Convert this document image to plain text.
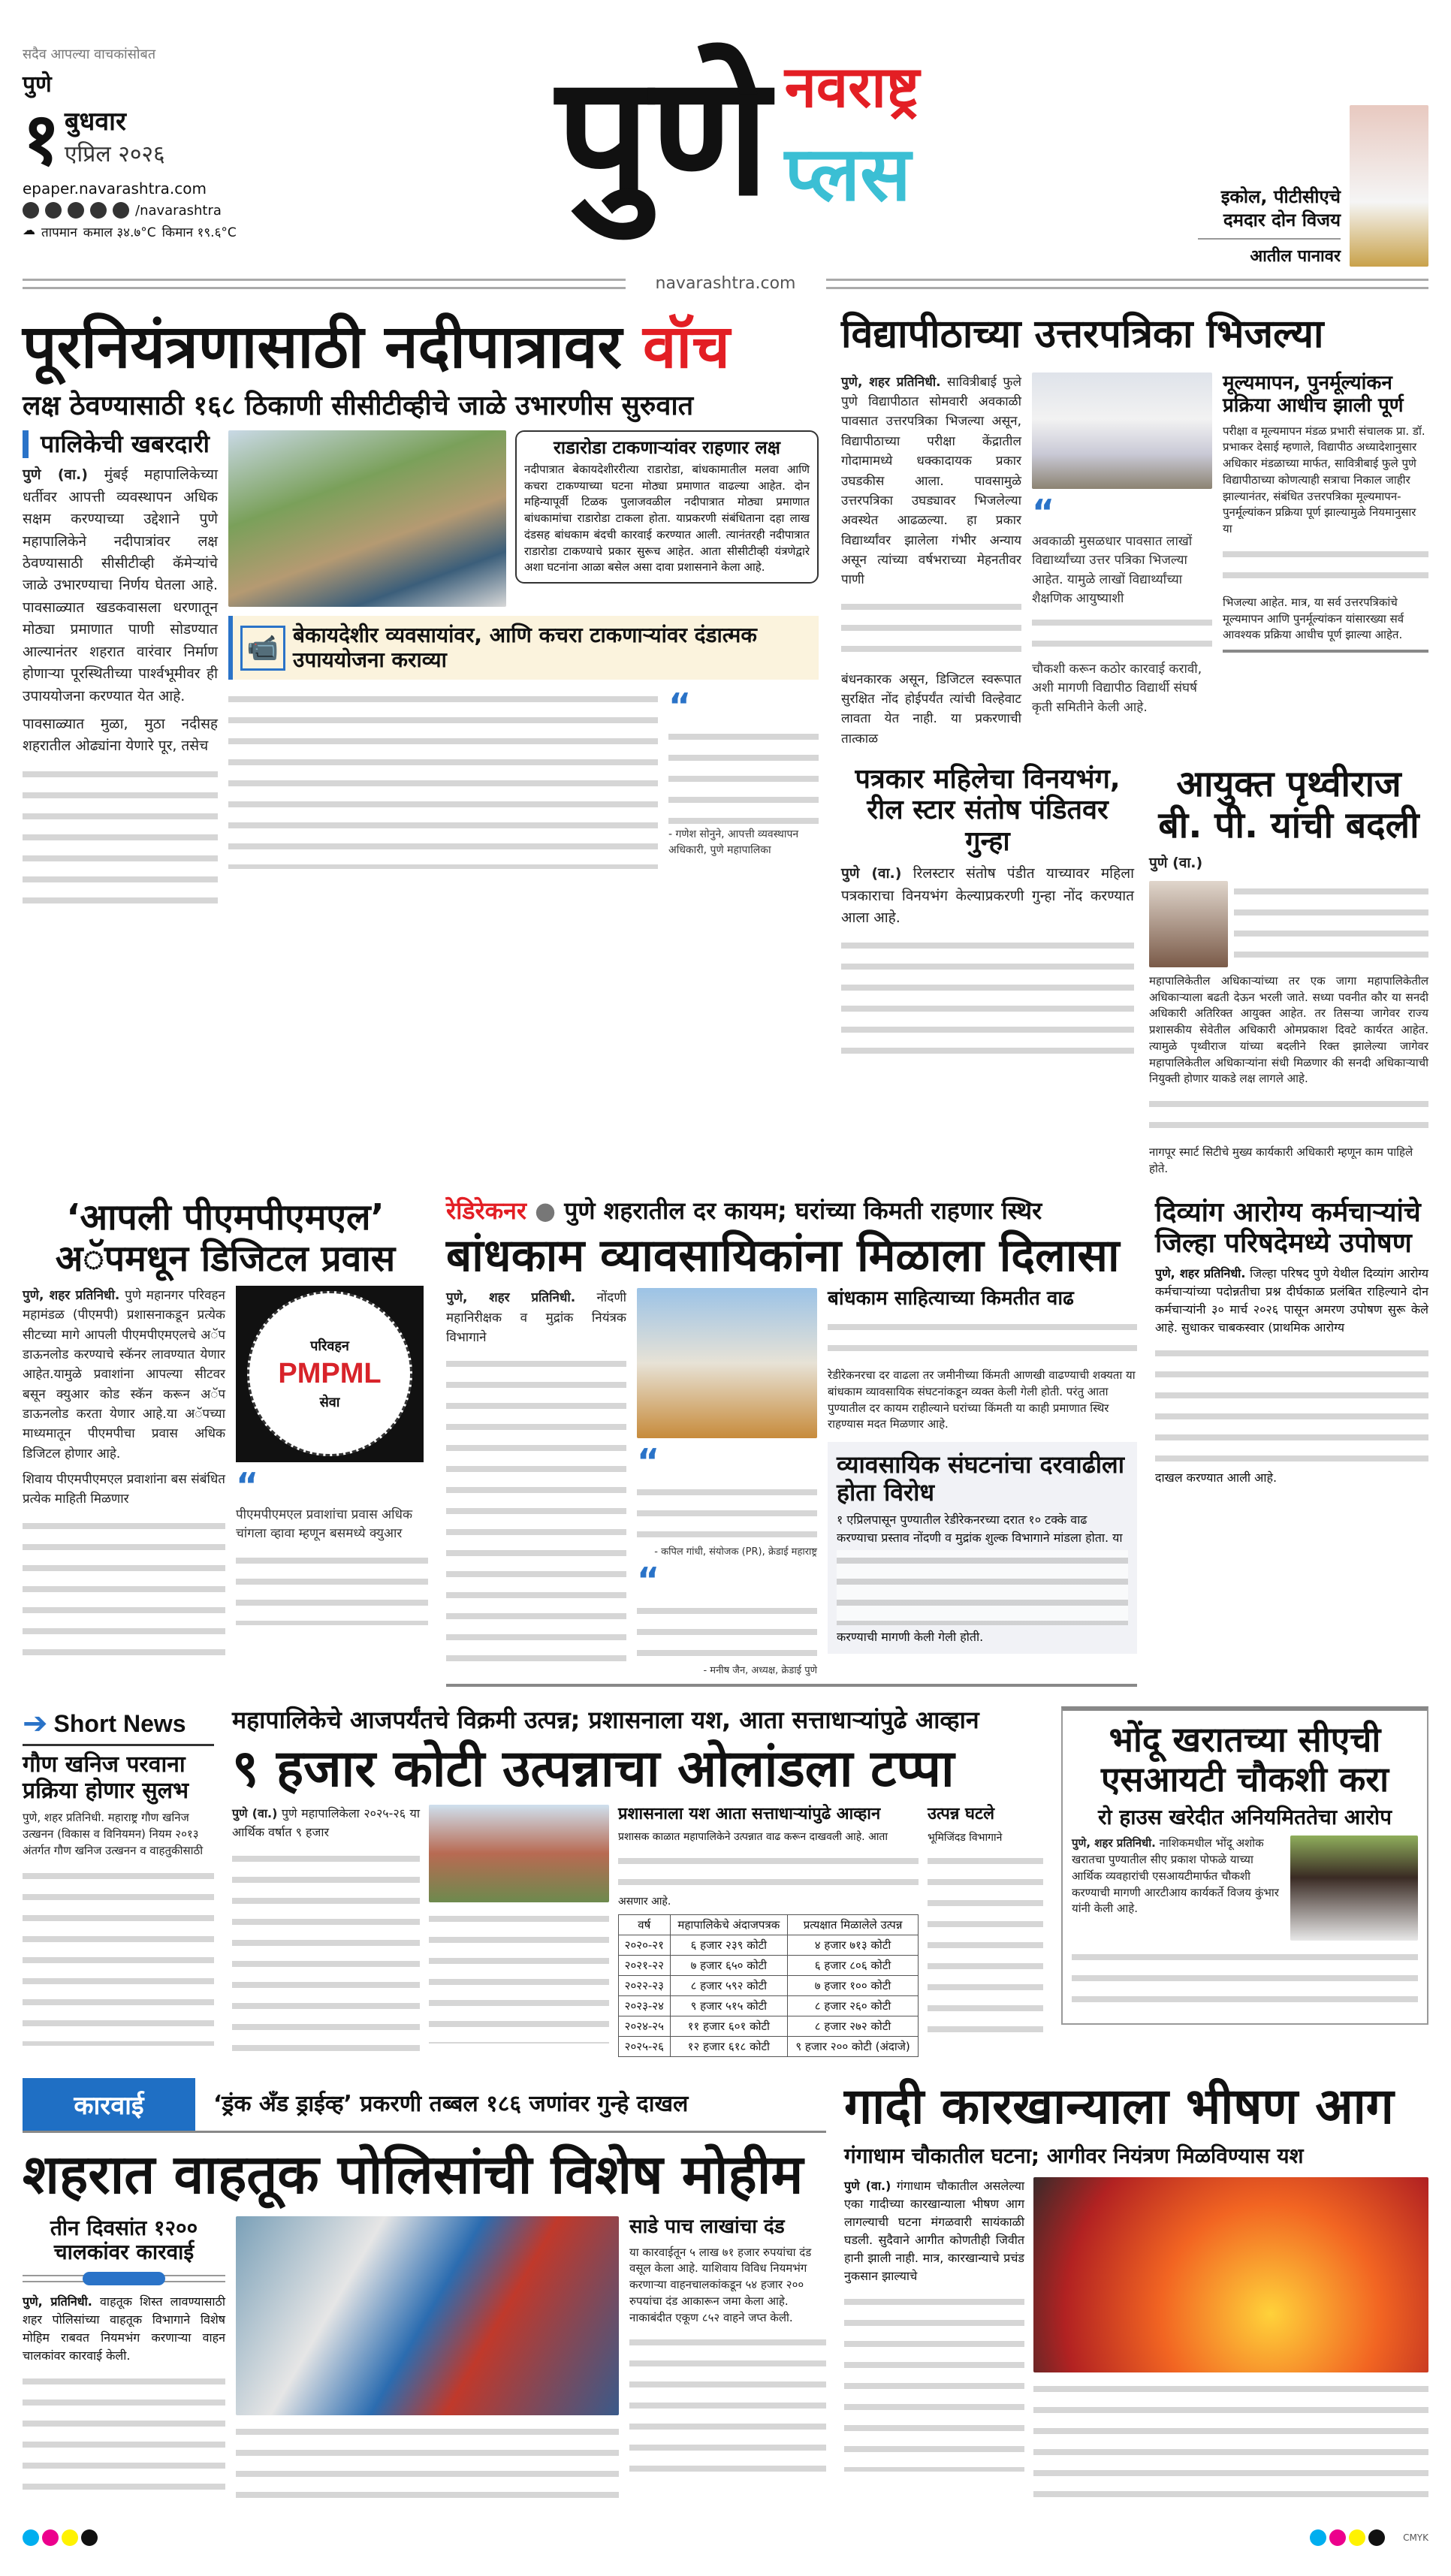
सदैव आपल्या वाचकांसोबत
पुणे
१ बुधवार
एप्रिल २०२६
epaper.navarashtra.com
/navarashtra
☁ तापमान कमाल ३४.७°C किमान १९.६°C
पुणे नवराष्ट्र
प्लस	इकोल, पीटीसीएचे दमदार दोन विजय
आतील पानावर
navarashtra.com
पूरनियंत्रणासाठी नदीपात्रावर वॉच
लक्ष ठेवण्यासाठी १६८ ठिकाणी सीसीटीव्हीचे जाळे उभारणीस सुरुवात
पालिकेची खबरदारी

पुणे (वा.) मुंबई महापालिकेच्या धर्तीवर आपत्ती व्यवस्थापन अधिक सक्षम करण्याच्या उद्देशाने पुणे महापालिकेने नदीपात्रांवर लक्ष ठेवण्यासाठी सीसीटीव्ही कॅमेऱ्यांचे जाळे उभारण्याचा निर्णय घेतला आहे. पावसाळ्यात खडकवासला धरणातून मोठ्या प्रमाणात पाणी सोडण्यात आल्यानंतर शहरात वारंवार निर्माण होणाऱ्या पूरस्थितीच्या पार्श्वभूमीवर ही उपाययोजना करण्यात येत आहे.

पावसाळ्यात मुळा, मुठा नदीसह शहरातील ओढ्यांना येणारे पूर, तसेच

राडारोडा टाकणाऱ्यांवर राहणार लक्ष
नदीपात्रात बेकायदेशीररीत्या राडारोडा, बांधकामातील मलवा आणि कचरा टाकण्याच्या घटना मोठ्या प्रमाणात वाढल्या आहेत. दोन महिन्यापूर्वी टिळक पुलाजवळील नदीपात्रात मोठ्या प्रमाणात बांधकामांचा राडारोडा टाकला होता. याप्रकरणी संबंधिताना दहा लाख दंडसह बांधकाम बंदची कारवाई करण्यात आली. त्यानंतरही नदीपात्रात राडारोडा टाकण्याचे प्रकार सुरूच आहेत. आता सीसीटीव्ही यंत्रणेद्वारे अशा घटनांना आळा बसेल असा दावा प्रशासनाने केला आहे.
📹 बेकायदेशीर व्यवसायांवर, आणि कचरा टाकणाऱ्यांवर दंडात्मक उपाययोजना कराव्या
“
- गणेश सोनुने, आपत्ती व्यवस्थापन अधिकारी, पुणे महापालिका
विद्यापीठाच्या उत्तरपत्रिका भिजल्या

पुणे, शहर प्रतिनिधी. सावित्रीबाई फुले पुणे विद्यापीठात सोमवारी अवकाळी पावसात उत्तरपत्रिका भिजल्या असून, विद्यापीठाच्या परीक्षा केंद्रातील गोदामामध्ये धक्कादायक प्रकार उघडकीस आला. पावसामुळे उत्तरपत्रिका उघड्यावर भिजलेल्या अवस्थेत आढळल्या. हा प्रकार विद्यार्थ्यांवर झालेला गंभीर अन्याय असून त्यांच्या वर्षभराच्या मेहनतीवर पाणी

बंधनकारक असून, डिजिटल स्वरूपात सुरक्षित नोंद होईपर्यंत त्यांची विल्हेवाट लावता येत नाही. या प्रकरणाची तात्काळ

“
अवकाळी मुसळधार पावसात लाखों विद्यार्थ्यांच्या उत्तर पत्रिका भिजल्या आहेत. यामुळे लाखों विद्यार्थ्यांच्या शैक्षणिक आयुष्याशी
चौकशी करून कठोर कारवाई करावी, अशी मागणी विद्यापीठ विद्यार्थी संघर्ष कृती समितीने केली आहे.
मूल्यमापन, पुनर्मूल्यांकन प्रक्रिया आधीच झाली पूर्ण

परीक्षा व मूल्यमापन मंडळ प्रभारी संचालक प्रा. डॉ. प्रभाकर देसाई म्हणाले, विद्यापीठ अध्यादेशानुसार अधिकार मंडळाच्या मार्फत, सावित्रीबाई फुले पुणे विद्यापीठाच्या कोणत्याही सत्राचा निकाल जाहीर झाल्यानंतर, संबंधित उत्तरपत्रिका मूल्यमापन-पुनर्मूल्यांकन प्रक्रिया पूर्ण झाल्यामुळे नियमानुसार या

भिजल्या आहेत. मात्र, या सर्व उत्तरपत्रिकांचे मूल्यमापन आणि पुनर्मूल्यांकन यांसारख्या सर्व आवश्यक प्रक्रिया आधीच पूर्ण झाल्या आहेत.

पत्रकार महिलेचा विनयभंग, रील स्टार संतोष पंडितवर गुन्हा

पुणे (वा.) रिलस्टार संतोष पंडीत याच्यावर महिला पत्रकाराचा विनयभंग केल्याप्रकरणी गुन्हा नोंद करण्यात आला आहे.

आयुक्त पृथ्वीराज बी. पी. यांची बदली

पुणे (वा.)

महापालिकेतील अधिकाऱ्यांच्या तर एक जागा महापालिकेतील अधिकाऱ्याला बढती देऊन भरली जाते. सध्या पवनीत कौर या सनदी अधिकारी अतिरिक्त आयुक्त आहेत. तर तिसऱ्या जागेवर राज्य प्रशासकीय सेवेतील अधिकारी ओमप्रकाश दिवटे कार्यरत आहेत. त्यामुळे पृथ्वीराज यांच्या बदलीने रिक्त झालेल्या जागेवर महापालिकेतील अधिकाऱ्यांना संधी मिळणार की सनदी अधिकाऱ्याची नियुक्ती होणार याकडे लक्ष लागले आहे.

नागपूर स्मार्ट सिटीचे मुख्य कार्यकारी अधिकारी म्हणून काम पाहिले होते.

‘आपली पीएमपीएमएल’ अॅपमधून डिजिटल प्रवास

पुणे, शहर प्रतिनिधी. पुणे महानगर परिवहन महामंडळ (पीएमपी) प्रशासनाकडून प्रत्येक सीटच्या मागे आपली पीएमपीएमएलचे अॅप डाऊनलोड करण्याचे स्कॅनर लावण्यात येणार आहेत.यामुळे प्रवाशांना आपल्या सीटवर बसून क्युआर कोड स्कॅन करून अॅप डाऊनलोड करता येणार आहे.या अॅपच्या माध्यमातून पीएमपीचा प्रवास अधिक डिजिटल होणार आहे.

शिवाय पीएमपीएमएल प्रवाशांना बस संबंधित प्रत्येक माहिती मिळणार

परिवहन
PMPML
सेवा
“
पीएमपीएमएल प्रवाशांचा प्रवास अधिक चांगला व्हावा म्हणून बसमध्ये क्युआर
रेडिरेकनर ● पुणे शहरातील दर कायम; घरांच्या किमती राहणार स्थिर
बांधकाम व्यावसायिकांना मिळाला दिलासा

पुणे, शहर प्रतिनिधी. नोंदणी महानिरीक्षक व मुद्रांक नियंत्रक विभागाने

“
- कपिल गांधी, संयोजक (PR), क्रेडाई महाराष्ट्र
“
- मनीष जैन, अध्यक्ष, क्रेडाई पुणे
बांधकाम साहित्याच्या किमतीत वाढ

रेडीरेकनरचा दर वाढला तर जमीनीच्या किंमती आणखी वाढण्याची शक्यता या बांधकाम व्यावसायिक संघटनांकडून व्यक्त केली गेली होती. परंतु आता पुण्यातील दर कायम राहील्याने घरांच्या किंमती या काही प्रमाणात स्थिर राहण्यास मदत मिळणार आहे.

व्यावसायिक संघटनांचा दरवाढीला होता विरोध

१ एप्रिलपासून पुण्यातील रेडीरेकनरच्या दरात १० टक्के वाढ करण्याचा प्रस्ताव नोंदणी व मुद्रांक शुल्क विभागाने मांडला होता. या

करण्याची मागणी केली गेली होती.

दिव्यांग आरोग्य कर्मचाऱ्यांचे जिल्हा परिषदेमध्ये उपोषण

पुणे, शहर प्रतिनिधी. जिल्हा परिषद पुणे येथील दिव्यांग आरोग्य कर्मचाऱ्यांच्या पदोन्नतीचा प्रश्न दीर्घकाळ प्रलंबित राहिल्याने दोन कर्मचाऱ्यांनी ३० मार्च २०२६ पासून अमरण उपोषण सुरू केले आहे. सुधाकर चाबकस्वार (प्राथमिक आरोग्य

दाखल करण्यात आली आहे.

➔ Short News
गौण खनिज परवाना प्रक्रिया होणार सुलभ

पुणे, शहर प्रतिनिधी. महाराष्ट्र गौण खनिज उत्खनन (विकास व विनियमन) नियम २०१३ अंतर्गत गौण खनिज उत्खनन व वाहतुकीसाठी

महापालिकेचे आजपर्यंतचे विक्रमी उत्पन्न; प्रशासनाला यश, आता सत्ताधाऱ्यांपुढे आव्हान
९ हजार कोटी उत्पन्नाचा ओलांडला टप्पा

पुणे (वा.) पुणे महापालिकेला २०२५-२६ या आर्थिक वर्षात ९ हजार

प्रशासनाला यश आता सत्ताधाऱ्यांपुढे आव्हान

प्रशासक काळात महापालिकेने उत्पन्नात वाढ करून दाखवली आहे. आता

असणार आहे.

वर्ष	महापालिकेचे अंदाजपत्रक	प्रत्यक्षात मिळालेले उत्पन्न
२०२०-२१	६ हजार २३९ कोटी	४ हजार ७१३ कोटी
२०२१-२२	७ हजार ६५० कोटी	६ हजार ८०६ कोटी
२०२२-२३	८ हजार ५९२ कोटी	७ हजार १०० कोटी
२०२३-२४	९ हजार ५१५ कोटी	८ हजार २६० कोटी
२०२४-२५	११ हजार ६०१ कोटी	८ हजार २७२ कोटी
२०२५-२६	१२ हजार ६१८ कोटी	९ हजार २०० कोटी (अंदाजे)
उत्पन्न घटले

भूमिजिंदड विभागाने

भोंदू खरातच्या सीएची एसआयटी चौकशी करा
रो हाउस खरेदीत अनियमिततेचा आरोप

पुणे, शहर प्रतिनिधी. नाशिकमधील भोंदू अशोक खरातचा पुण्यातील सीए प्रकाश पोफळे याच्या आर्थिक व्यवहारांची एसआयटीमार्फत चौकशी करण्याची मागणी आरटीआय कार्यकर्ते विजय कुंभार यांनी केली आहे.

कारवाई	‘ड्रंक अँड ड्राईव्ह’ प्रकरणी तब्बल १८६ जणांवर गुन्हे दाखल
शहरात वाहतूक पोलिसांची विशेष मोहीम
तीन दिवसांत १२०० चालकांवर कारवाई

पुणे, प्रतिनिधी. वाहतूक शिस्त लावण्यासाठी शहर पोलिसांच्या वाहतूक विभागाने विशेष मोहिम राबवत नियमभंग करणाऱ्या वाहन चालकांवर कारवाई केली.

साडे पाच लाखांचा दंड

या कारवाईतून ५ लाख ७१ हजार रुपयांचा दंड वसूल केला आहे. याशिवाय विविध नियमभंग करणाऱ्या वाहनचालकांकडून ५४ हजार २०० रुपयांचा दंड आकारून जमा केला आहे. नाकाबंदीत एकूण ८५२ वाहने जप्त केली.

गादी कारखान्याला भीषण आग
गंगाधाम चौकातील घटना; आगीवर नियंत्रण मिळविण्यास यश

पुणे (वा.) गंगाधाम चौकातील असलेल्या एका गादीच्या कारखान्याला भीषण आग लागल्याची घटना मंगळवारी सायंकाळी घडली. सुदैवाने आगीत कोणतीही जिवीत हानी झाली नाही. मात्र, कारखान्याचे प्रचंड नुकसान झाल्याचे

CMYK
